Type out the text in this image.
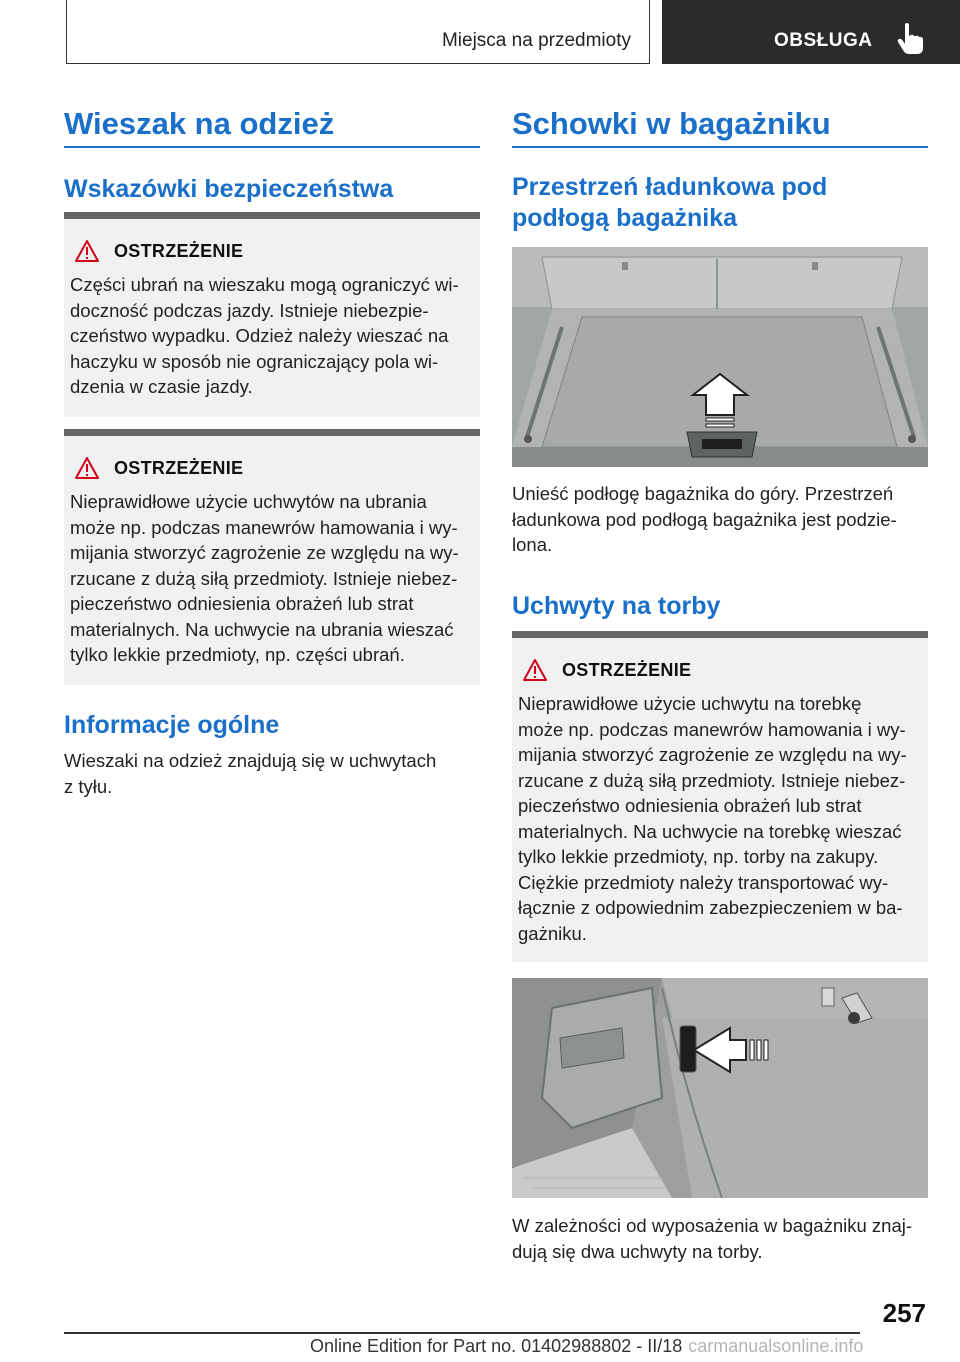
Miejsca na przedmioty	OBSŁUGA
Wieszak na odzież
Wskazówki bezpieczeństwa
OSTRZEŻENIE
Części ubrań na wieszaku mogą ograniczyć wi-
doczność podczas jazdy. Istnieje niebezpie-
czeństwo wypadku. Odzież należy wieszać na
haczyku w sposób nie ograniczający pola wi-
dzenia w czasie jazdy.
OSTRZEŻENIE
Nieprawidłowe użycie uchwytów na ubrania
może np. podczas manewrów hamowania i wy-
mijania stworzyć zagrożenie ze względu na wy-
rzucane z dużą siłą przedmioty. Istnieje niebez-
pieczeństwo odniesienia obrażeń lub strat
materialnych. Na uchwycie na ubrania wieszać
tylko lekkie przedmioty, np. części ubrań.
Informacje ogólne
Wieszaki na odzież znajdują się w uchwytach
z tyłu.
Schowki w bagażniku
Przestrzeń ładunkowa pod
podłogą bagażnika
Unieść podłogę bagażnika do góry. Przestrzeń
ładunkowa pod podłogą bagażnika jest podzie-
lona.
Uchwyty na torby
OSTRZEŻENIE
Nieprawidłowe użycie uchwytu na torebkę
może np. podczas manewrów hamowania i wy-
mijania stworzyć zagrożenie ze względu na wy-
rzucane z dużą siłą przedmioty. Istnieje niebez-
pieczeństwo odniesienia obrażeń lub strat
materialnych. Na uchwycie na torebkę wieszać
tylko lekkie przedmioty, np. torby na zakupy.
Ciężkie przedmioty należy transportować wy-
łącznie z odpowiednim zabezpieczeniem w ba-
gażniku.
W zależności od wyposażenia w bagażniku znaj-
dują się dwa uchwyty na torby.
257
Online Edition for Part no. 01402988802 - II/18 carmanualsonline.info
